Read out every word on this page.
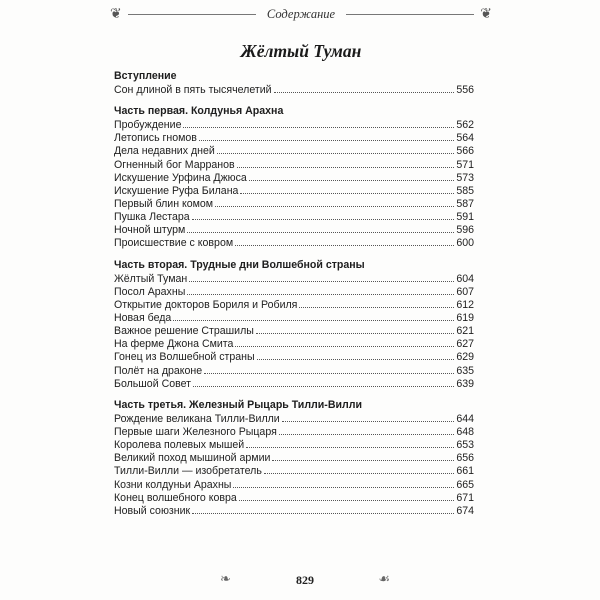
❦	Содержание	❦
Жёлтый Туман
Вступление
Сон длиной в пять тысячелетий	556
Часть первая. Колдунья Арахна
Пробуждение	562
Летопись гномов	564
Дела недавних дней	566
Огненный бог Марранов	571
Искушение Урфина Джюса	573
Искушение Руфа Билана	585
Первый блин комом	587
Пушка Лестара	591
Ночной штурм	596
Происшествие с ковром	600
Часть вторая. Трудные дни Волшебной страны
Жёлтый Туман	604
Посол Арахны	607
Открытие докторов Бориля и Робиля	612
Новая беда	619
Важное решение Страшилы	621
На ферме Джона Смита	627
Гонец из Волшебной страны	629
Полёт на драконе	635
Большой Совет	639
Часть третья. Железный Рыцарь Тилли-Вилли
Рождение великана Тилли-Вилли	644
Первые шаги Железного Рыцаря	648
Королева полевых мышей	653
Великий поход мышиной армии	656
Тилли-Вилли — изобретатель	661
Козни колдуньи Арахны	665
Конец волшебного ковра	671
Новый союзник	674
❧	829	☙
